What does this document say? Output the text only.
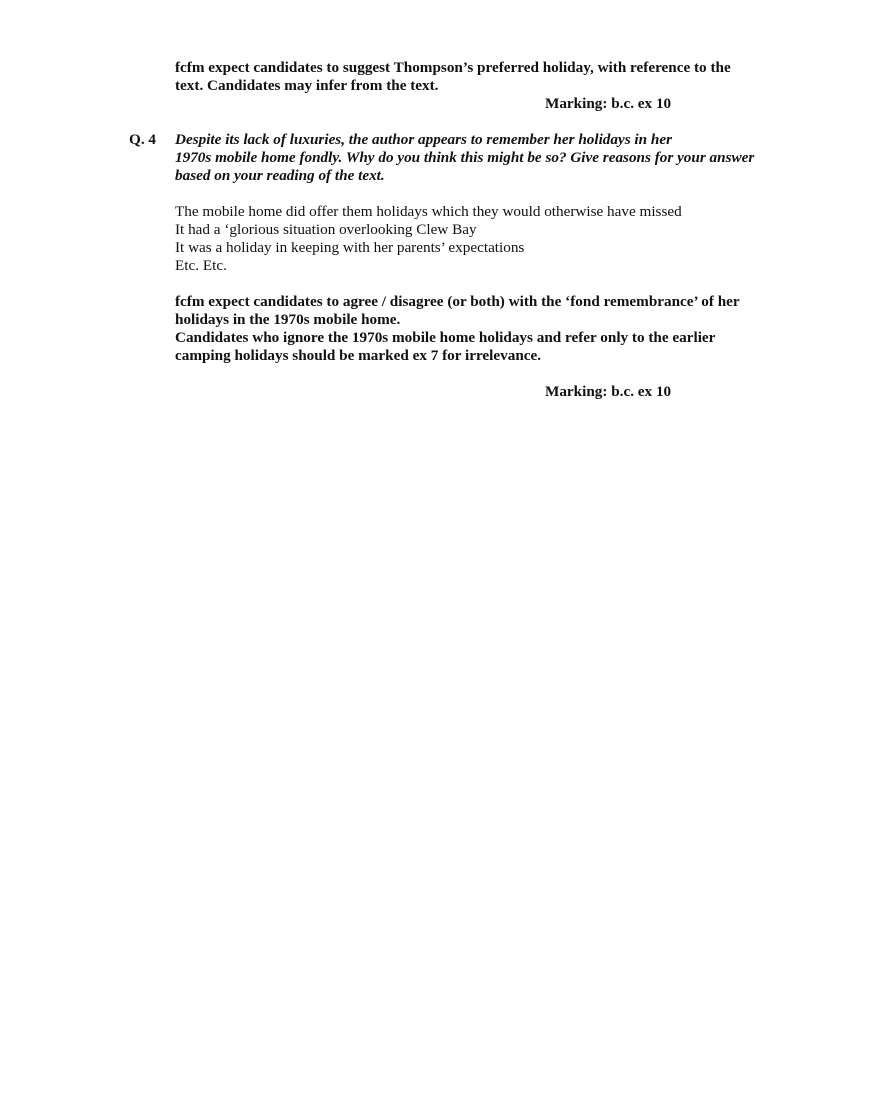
fcfm expect candidates to suggest Thompson’s preferred holiday, with reference to the
text. Candidates may infer from the text.
Marking: b.c. ex 10
Q. 4 Despite its lack of luxuries, the author appears to remember her holidays in her
1970s mobile home fondly. Why do you think this might be so? Give reasons for your answer
based on your reading of the text.
The mobile home did offer them holidays which they would otherwise have missed
It had a ‘glorious situation overlooking Clew Bay
It was a holiday in keeping with her parents’ expectations
Etc. Etc.
fcfm expect candidates to agree / disagree (or both) with the ‘fond remembrance’ of her
holidays in the 1970s mobile home.
Candidates who ignore the 1970s mobile home holidays and refer only to the earlier
camping holidays should be marked ex 7 for irrelevance.
Marking: b.c. ex 10
